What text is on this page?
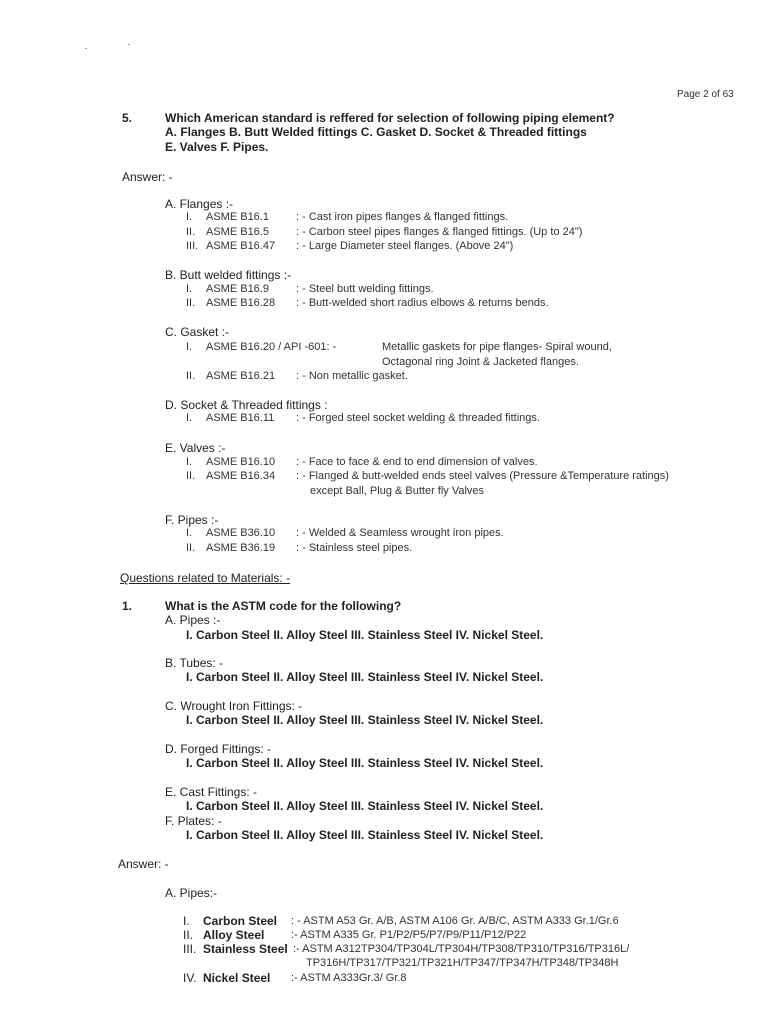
Page 2 of 63
5.	Which American standard is reffered for selection of following piping element?
A. Flanges B. Butt Welded fittings C. Gasket D. Socket & Threaded fittings
E. Valves F. Pipes.
Answer: -
A. Flanges :-
I. ASME B16.1 : - Cast iron pipes flanges & flanged fittings.
II. ASME B16.5 : - Carbon steel pipes flanges & flanged fittings. (Up to 24")
III. ASME B16.47 : - Large Diameter steel flanges. (Above 24")
B. Butt welded fittings :-
I. ASME B16.9 : - Steel butt welding fittings.
II. ASME B16.28 : - Butt-welded short radius elbows & returns bends.
C. Gasket :-
I. ASME B16.20 / API -601: -	Metallic gaskets for pipe flanges- Spiral wound,
Octagonal ring Joint & Jacketed flanges.
II. ASME B16.21 : - Non metallic gasket.
D. Socket & Threaded fittings :
I. ASME B16.11 : - Forged steel socket welding & threaded fittings.
E. Valves :-
I. ASME B16.10 : - Face to face & end to end dimension of valves.
II. ASME B16.34 : - Flanged & butt-welded ends steel valves (Pressure &Temperature ratings)
except Ball, Plug & Butter fly Valves
F. Pipes :-
I. ASME B36.10 : - Welded & Seamless wrought iron pipes.
II. ASME B36.19 : - Stainless steel pipes.
Questions related to Materials: -
1.	What is the ASTM code for the following?
A. Pipes :-
I. Carbon Steel II. Alloy Steel III. Stainless Steel IV. Nickel Steel.
B. Tubes: -
I. Carbon Steel II. Alloy Steel III. Stainless Steel IV. Nickel Steel.
C. Wrought Iron Fittings: -
I. Carbon Steel II. Alloy Steel III. Stainless Steel IV. Nickel Steel.
D. Forged Fittings: -
I. Carbon Steel II. Alloy Steel III. Stainless Steel IV. Nickel Steel.
E. Cast Fittings: -
I. Carbon Steel II. Alloy Steel III. Stainless Steel IV. Nickel Steel.
F. Plates: -
I. Carbon Steel II. Alloy Steel III. Stainless Steel IV. Nickel Steel.
Answer: -
A. Pipes:-
I. Carbon Steel : - ASTM A53 Gr. A/B, ASTM A106 Gr. A/B/C, ASTM A333 Gr.1/Gr.6
II. Alloy Steel :- ASTM A335 Gr. P1/P2/P5/P7/P9/P11/P12/P22
III. Stainless Steel :- ASTM A312TP304/TP304L/TP304H/TP308/TP310/TP316/TP316L/
TP316H/TP317/TP321/TP321H/TP347/TP347H/TP348/TP348H
IV. Nickel Steel :- ASTM A333Gr.3/ Gr.8
